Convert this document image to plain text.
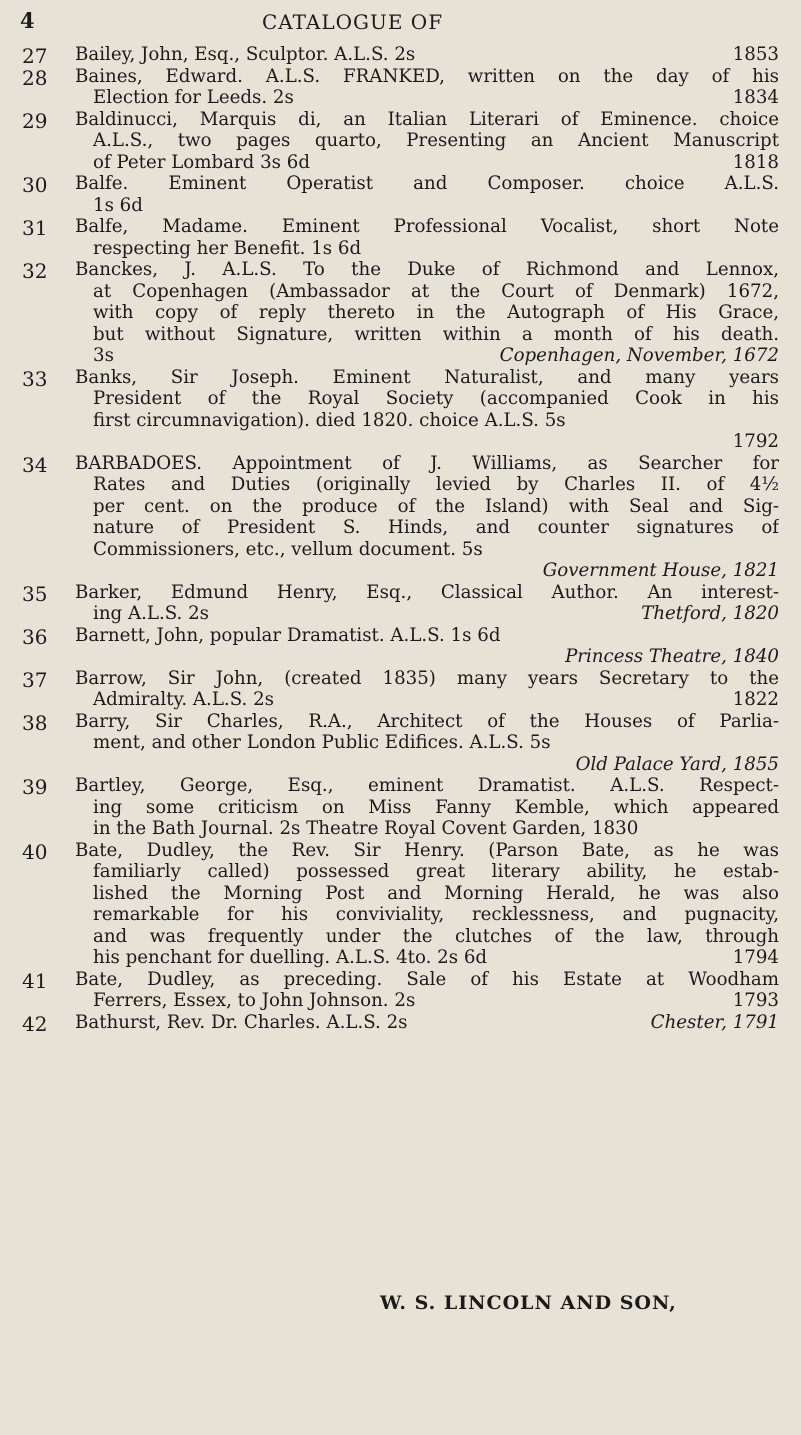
4	CATALOGUE OF
27 Bailey, John, Esq., Sculptor. A.L.S. 2s	1853
28 Baines, Edward. A.L.S. FRANKED, written on the day of his
Election for Leeds. 2s	1834
29 Baldinucci, Marquis di, an Italian Literari of Eminence. choice
A.L.S., two pages quarto, Presenting an Ancient Manuscript
of Peter Lombard 3s 6d	1818
30 Balfe. Eminent Operatist and Composer. choice A.L.S.
1s 6d
31 Balfe, Madame. Eminent Professional Vocalist, short Note
respecting her Benefit. 1s 6d
32 Banckes, J. A.L.S. To the Duke of Richmond and Lennox,
at Copenhagen (Ambassador at the Court of Denmark) 1672,
with copy of reply thereto in the Autograph of His Grace,
but without Signature, written within a month of his death.
3s	Copenhagen, November, 1672
33 Banks, Sir Joseph. Eminent Naturalist, and many years
President of the Royal Society (accompanied Cook in his
first circumnavigation). died 1820. choice A.L.S. 5s
1792
34 BARBADOES. Appointment of J. Williams, as Searcher for
Rates and Duties (originally levied by Charles II. of 4½
per cent. on the produce of the Island) with Seal and Sig-
nature of President S. Hinds, and counter signatures of
Commissioners, etc., vellum document. 5s
Government House, 1821
35 Barker, Edmund Henry, Esq., Classical Author. An interest-
ing A.L.S. 2s	Thetford, 1820
36 Barnett, John, popular Dramatist. A.L.S. 1s 6d
Princess Theatre, 1840
37 Barrow, Sir John, (created 1835) many years Secretary to the
Admiralty. A.L.S. 2s	1822
38 Barry, Sir Charles, R.A., Architect of the Houses of Parlia-
ment, and other London Public Edifices. A.L.S. 5s
Old Palace Yard, 1855
39 Bartley, George, Esq., eminent Dramatist. A.L.S. Respect-
ing some criticism on Miss Fanny Kemble, which appeared
in the Bath Journal. 2s Theatre Royal Covent Garden, 1830
40 Bate, Dudley, the Rev. Sir Henry. (Parson Bate, as he was
familiarly called) possessed great literary ability, he estab-
lished the Morning Post and Morning Herald, he was also
remarkable for his conviviality, recklessness, and pugnacity,
and was frequently under the clutches of the law, through
his penchant for duelling. A.L.S. 4to. 2s 6d	1794
41 Bate, Dudley, as preceding. Sale of his Estate at Woodham
Ferrers, Essex, to John Johnson. 2s	1793
42 Bathurst, Rev. Dr. Charles. A.L.S. 2s	Chester, 1791
W. S. LINCOLN AND SON,
